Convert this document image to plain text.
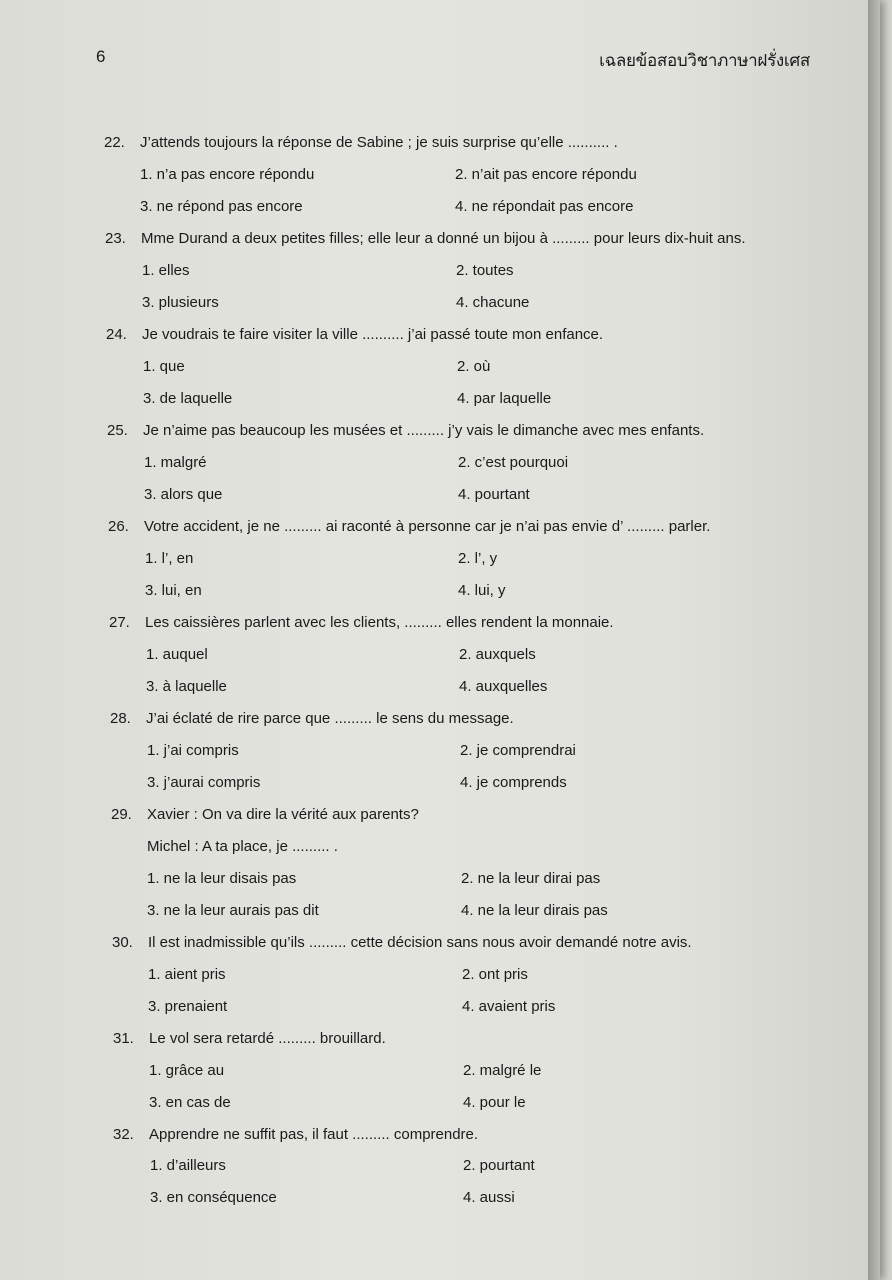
6	เฉลยข้อสอบวิชาภาษาฝรั่งเศส
22. J’attends toujours la réponse de Sabine ; je suis surprise qu’elle .......... .
1. n’a pas encore répondu	2. n’ait pas encore répondu
3. ne répond pas encore	4. ne répondait pas encore
23. Mme Durand a deux petites filles; elle leur a donné un bijou à ......... pour leurs dix-huit ans.
1. elles	2. toutes
3. plusieurs	4. chacune
24. Je voudrais te faire visiter la ville .......... j’ai passé toute mon enfance.
1. que	2. où
3. de laquelle	4. par laquelle
25. Je n’aime pas beaucoup les musées et ......... j’y vais le dimanche avec mes enfants.
1. malgré	2. c’est pourquoi
3. alors que	4. pourtant
26. Votre accident, je ne ......... ai raconté à personne car je n’ai pas envie d’ ......... parler.
1. l’, en	2. l’, y
3. lui, en	4. lui, y
27. Les caissières parlent avec les clients, ......... elles rendent la monnaie.
1. auquel	2. auxquels
3. à laquelle	4. auxquelles
28. J’ai éclaté de rire parce que ......... le sens du message.
1. j’ai compris	2. je comprendrai
3. j’aurai compris	4. je comprends
29. Xavier : On va dire la vérité aux parents?
Michel : A ta place, je ......... .
1. ne la leur disais pas	2. ne la leur dirai pas
3. ne la leur aurais pas dit	4. ne la leur dirais pas
30. Il est inadmissible qu’ils ......... cette décision sans nous avoir demandé notre avis.
1. aient pris	2. ont pris
3. prenaient	4. avaient pris
31. Le vol sera retardé ......... brouillard.
1. grâce au	2. malgré le
3. en cas de	4. pour le
32. Apprendre ne suffit pas, il faut ......... comprendre.
1. d’ailleurs	2. pourtant
3. en conséquence	4. aussi
